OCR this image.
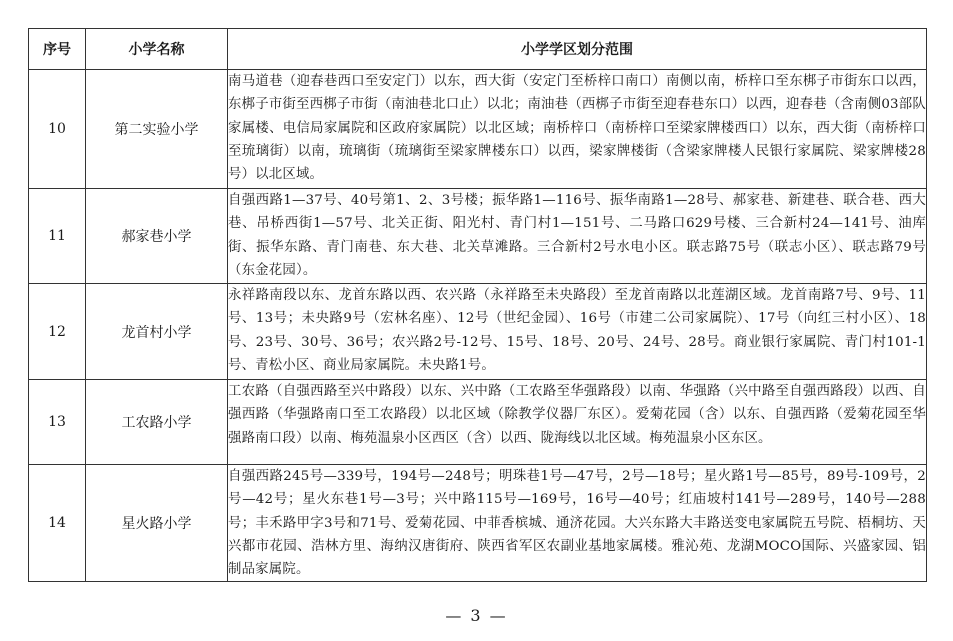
序号	小学名称	小学学区划分范围
10	第二实验小学	南马道巷（迎春巷西口至安定门）以东，西大街（安定门至桥梓口南口）南侧以南，桥梓口至东梆子市街东口以西，东梆子市街至西梆子市街（南油巷北口止）以北；南油巷（西梆子市街至迎春巷东口）以西，迎春巷（含南侧03部队家属楼、电信局家属院和区政府家属院）以北区域；南桥梓口（南桥梓口至梁家牌楼西口）以东，西大街（南桥梓口至琉璃街）以南，琉璃街（琉璃街至梁家牌楼东口）以西，梁家牌楼街（含梁家牌楼人民银行家属院、梁家牌楼28号）以北区域。
11	郝家巷小学	自强西路1—37号、40号第1、2、3号楼；振华路1—116号、振华南路1—28号、郝家巷、新建巷、联合巷、西大巷、吊桥西街1—57号、北关正街、阳光村、青门村1—151号、二马路口629号楼、三合新村24—141号、油库街、振华东路、青门南巷、东大巷、北关草滩路。三合新村2号水电小区。联志路75号（联志小区）、联志路79号（东金花园）。
12	龙首村小学	永祥路南段以东、龙首东路以西、农兴路（永祥路至未央路段）至龙首南路以北莲湖区域。龙首南路7号、9号、11号、13号；未央路9号（宏林名座）、12号（世纪金园）、16号（市建二公司家属院）、17号（向红三村小区）、18号、23号、30号、36号；农兴路2号-12号、15号、18号、20号、24号、28号。商业银行家属院、青门村101-1号、青松小区、商业局家属院。未央路1号。
13	工农路小学	工农路（自强西路至兴中路段）以东、兴中路（工农路至华强路段）以南、华强路（兴中路至自强西路段）以西、自强西路（华强路南口至工农路段）以北区域（除教学仪器厂东区）。爱菊花园（含）以东、自强西路（爱菊花园至华强路南口段）以南、梅苑温泉小区西区（含）以西、陇海线以北区域。梅苑温泉小区东区。
14	星火路小学	自强西路245号—339号，194号—248号；明珠巷1号—47号，2号—18号；星火路1号—85号，89号-109号，2号—42号；星火东巷1号—3号；兴中路115号—169号，16号—40号；红庙坡村141号—289号，140号—288号；丰禾路甲字3号和71号、爱菊花园、中菲香槟城、通济花园。大兴东路大丰路送变电家属院五号院、梧桐坊、天兴都市花园、浩林方里、海纳汉唐街府、陕西省军区农副业基地家属楼。雅沁苑、龙湖MOCO国际、兴盛家园、铝制品家属院。
— 3 —
